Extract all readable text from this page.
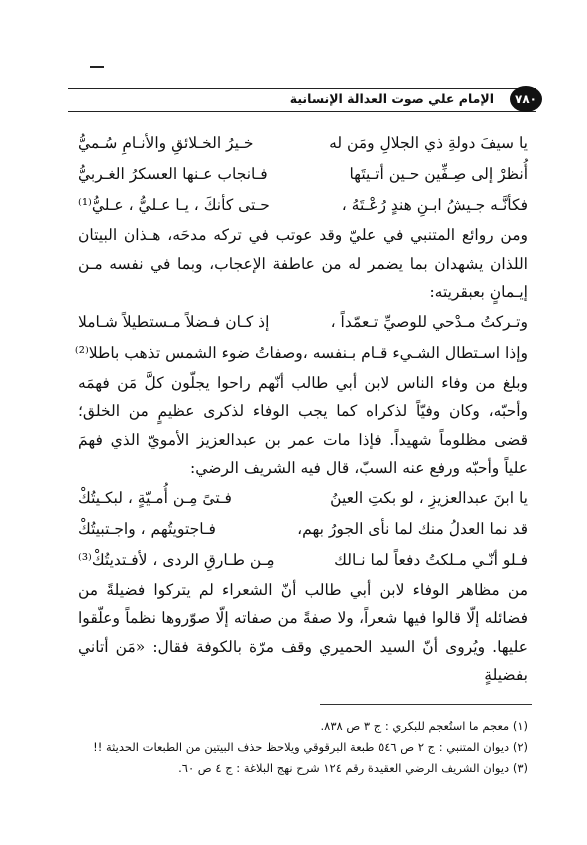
٧٨٠
الإمام علي صوت العدالة الإنسانية
يا سيفَ دولةِ ذي الجلالِ ومَن له
خـيرُ الخـلائقِ والأنـامِ سُـميُّ
أُنظرْ إلى صِـفِّين حـين أتـيتَها
فـانجاب عـنها العسكرُ الغـربيُّ
فكأنَّـه جـيشُ ابـنِ هندٍ رُعْـتَهُ ،
حـتى كأنكَ ، يـا عـليُّ ، عـليُّ⁽¹⁾

ومن روائع المتنبي في عليّ وقد عوتب في تركه مدحَه، هـذان البيتان اللذان يشهدان بما يضمر له من عاطفة الإعجاب، وبما في نفسه مـن إيـمانٍ بعبقريته:

وتـركتُ مـدْحي للوصيِّ تـعمّداً ،
إذ كـان فـضلاً مـستطيلاً شـاملا
وإذا اسـتطال الشـيء قـام بـنفسه ،
وصفاتُ ضوء الشمس تذهب باطلا⁽²⁾

وبلغ من وفاء الناس لابن أبي طالب أنّهم راحوا يجلّون كلَّ مَن فهمَه وأحبّه، وكان وفيّاً لذكراه كما يجب الوفاء لذكرى عظيمٍ من الخلق؛ قضى مظلوماً شهيداً. فإذا مات عمر بن عبدالعزيز الأمويّ الذي فهمَ علياً وأحبّه ورفع عنه السبّ، قال فيه الشريف الرضي:

يا ابنَ عبدالعزيزِ ، لو بكتِ العينُ
فـتىً مِـن أُمـيّةٍ ، لبكـيتُكْ
قد نما العدلُ منك لما نأى الجورُ بهم،
فـاجتويتُهم ، واجـتبيتُكْ
فـلو أنّـي مـلكتُ دفعاً لما نـالك
مِـن طـارقِ الردى ، لأفـتديتُكْ⁽³⁾

من مظاهر الوفاء لابن أبي طالب أنّ الشعراء لم يتركوا فضيلةً من فضائله إلّا قالوا فيها شعراً، ولا صفةً من صفاته إلّا صوّروها نظماً وعلّقوا عليها. ويُروى أنّ السيد الحميري وقف مرّة بالكوفة فقال: «مَن أتاني بفضيلةٍ

(١) معجم ما استُعجم للبكري : ج ٣ ص ٨٣٨.
(٢) ديوان المتنبي : ج ٢ ص ٥٤٦ طبعة البرقوقي ويلاحظ حذف البيتين من الطبعات الحديثة !!
(٣) ديوان الشريف الرضي العقيدة رقم ١٢٤ شرح نهج البلاغة : ج ٤ ص ٦٠.
